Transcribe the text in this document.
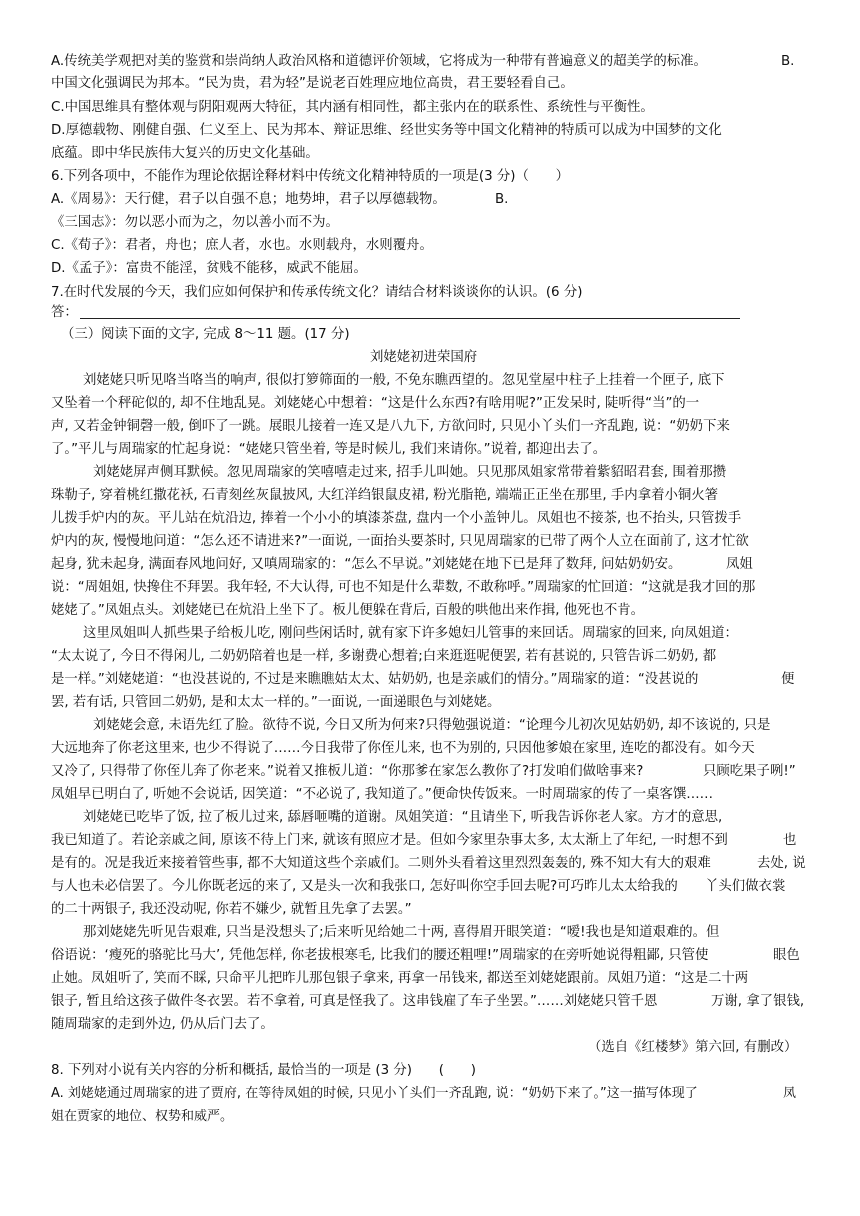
A.传统美学观把对美的鉴赏和崇尚纳人政治风格和道德评价领域，它将成为一种带有普遍意义的超美学的标准。	B.
中国文化强调民为邦本。“民为贵，君为轻”是说老百姓理应地位高贵，君王要轻看自己。
C.中国思维具有整体观与阴阳观两大特征，其内涵有相同性，都主张内在的联系性、系统性与平衡性。
D.厚德载物、刚健自强、仁义至上、民为邦本、辩证思维、经世实务等中国文化精神的特质可以成为中国梦的文化
底蕴。即中华民族伟大复兴的历史文化基础。
6.下列各项中，不能作为理论依据诠释材料中传统文化精神特质的一项是(3 分)（　　）
A.《周易》：天行健，君子以自强不息；地势坤，君子以厚德载物。	B.
《三国志》：勿以恶小而为之，勿以善小而不为。
C.《荀子》：君者，舟也；庶人者，水也。水则载舟，水则覆舟。
D.《孟子》：富贵不能淫，贫贱不能移，威武不能屈。
7.在时代发展的今天，我们应如何保护和传承传统文化？请结合材料谈谈你的认识。(6 分)
答：
（三）阅读下面的文字, 完成 8～11 题。(17 分)
刘姥姥初进荣国府
刘姥姥只听见咯当咯当的响声, 很似打箩筛面的一般, 不免东瞧西望的。忽见堂屋中柱子上挂着一个匣子, 底下
又坠着一个秤砣似的, 却不住地乱晃。刘姥姥心中想着：“这是什么东西?有啥用呢?”正发呆时, 陡听得“当”的一
声, 又若金钟铜磬一般, 倒吓了一跳。展眼儿接着一连又是八九下, 方欲问时, 只见小丫头们一齐乱跑, 说：“奶奶下来
了。”平儿与周瑞家的忙起身说：“姥姥只管坐着, 等是时候儿, 我们来请你。”说着, 都迎出去了。
刘姥姥屏声侧耳默候。忽见周瑞家的笑嘻嘻走过来, 招手儿叫她。只见那凤姐家常带着紫貂昭君套, 围着那攒
珠勒子, 穿着桃红撒花袄, 石青刻丝灰鼠披风, 大红洋绉银鼠皮裙, 粉光脂艳, 端端正正坐在那里, 手内拿着小铜火箸
儿拨手炉内的灰。平儿站在炕沿边, 捧着一个小小的填漆茶盘, 盘内一个小盖钟儿。凤姐也不接茶, 也不抬头, 只管拨手
炉内的灰, 慢慢地问道：“怎么还不请进来?”一面说, 一面抬头要茶时, 只见周瑞家的已带了两个人立在面前了, 这才忙欲
起身, 犹未起身, 满面春风地问好, 又嗔周瑞家的：“怎么不早说。”刘姥姥在地下已是拜了数拜, 问姑奶奶安。	凤姐
说：“周姐姐, 快搀住不拜罢。我年轻, 不大认得, 可也不知是什么辈数, 不敢称呼。”周瑞家的忙回道：“这就是我才回的那
姥姥了。”凤姐点头。刘姥姥已在炕沿上坐下了。板儿便躲在背后, 百般的哄他出来作揖, 他死也不肯。
这里凤姐叫人抓些果子给板儿吃, 刚问些闲话时, 就有家下许多媳妇儿管事的来回话。周瑞家的回来, 向凤姐道：
“太太说了, 今日不得闲儿, 二奶奶陪着也是一样, 多谢费心想着;白来逛逛呢便罢, 若有甚说的, 只管告诉二奶奶, 都
是一样。”刘姥姥道：“也没甚说的, 不过是来瞧瞧姑太太、姑奶奶, 也是亲戚们的情分。”周瑞家的道：“没甚说的	便
罢, 若有话, 只管回二奶奶, 是和太太一样的。”一面说, 一面递眼色与刘姥姥。
刘姥姥会意, 未语先红了脸。欲待不说, 今日又所为何来?只得勉强说道：“论理今儿初次见姑奶奶, 却不该说的, 只是
大远地奔了你老这里来, 也少不得说了……今日我带了你侄儿来, 也不为别的, 只因他爹娘在家里, 连吃的都没有。如今天
又冷了, 只得带了你侄儿奔了你老来。”说着又推板儿道：“你那爹在家怎么教你了?打发咱们做啥事来?	只顾吃果子咧!”
凤姐早已明白了, 听她不会说话, 因笑道：“不必说了, 我知道了。”便命快传饭来。一时周瑞家的传了一桌客馔……
刘姥姥已吃毕了饭, 拉了板儿过来, 舔唇咂嘴的道谢。凤姐笑道：“且请坐下, 听我告诉你老人家。方才的意思,
我已知道了。若论亲戚之间, 原该不待上门来, 就该有照应才是。但如今家里杂事太多, 太太渐上了年纪, 一时想不到	也
是有的。况是我近来接着管些事, 都不大知道这些个亲戚们。二则外头看着这里烈烈轰轰的, 殊不知大有大的艰难	去处, 说
与人也未必信罢了。今儿你既老远的来了, 又是头一次和我张口, 怎好叫你空手回去呢?可巧昨儿太太给我的 丫头们做衣裳
的二十两银子, 我还没动呢, 你若不嫌少, 就暂且先拿了去罢。”
那刘姥姥先听见告艰难, 只当是没想头了;后来听见给她二十两, 喜得眉开眼笑道：“嗳!我也是知道艰难的。但
俗语说：‘瘦死的骆驼比马大’, 凭他怎样, 你老拔根寒毛, 比我们的腰还粗哩!”周瑞家的在旁听她说得粗鄙, 只管使	眼色
止她。凤姐听了, 笑而不睬, 只命平儿把昨儿那包银子拿来, 再拿一吊钱来, 都送至刘姥姥跟前。凤姐乃道：“这是二十两
银子, 暂且给这孩子做件冬衣罢。若不拿着, 可真是怪我了。这串钱雇了车子坐罢。”……刘姥姥只管千恩	万谢, 拿了银钱,
随周瑞家的走到外边, 仍从后门去了。
（选自《红楼梦》第六回, 有删改）
8. 下列对小说有关内容的分析和概括, 最恰当的一项是 (3 分)　　(　　)
A. 刘姥姥通过周瑞家的进了贾府, 在等待凤姐的时候, 只见小丫头们一齐乱跑, 说：“奶奶下来了。”这一描写体现了	凤
姐在贾家的地位、权势和威严。
